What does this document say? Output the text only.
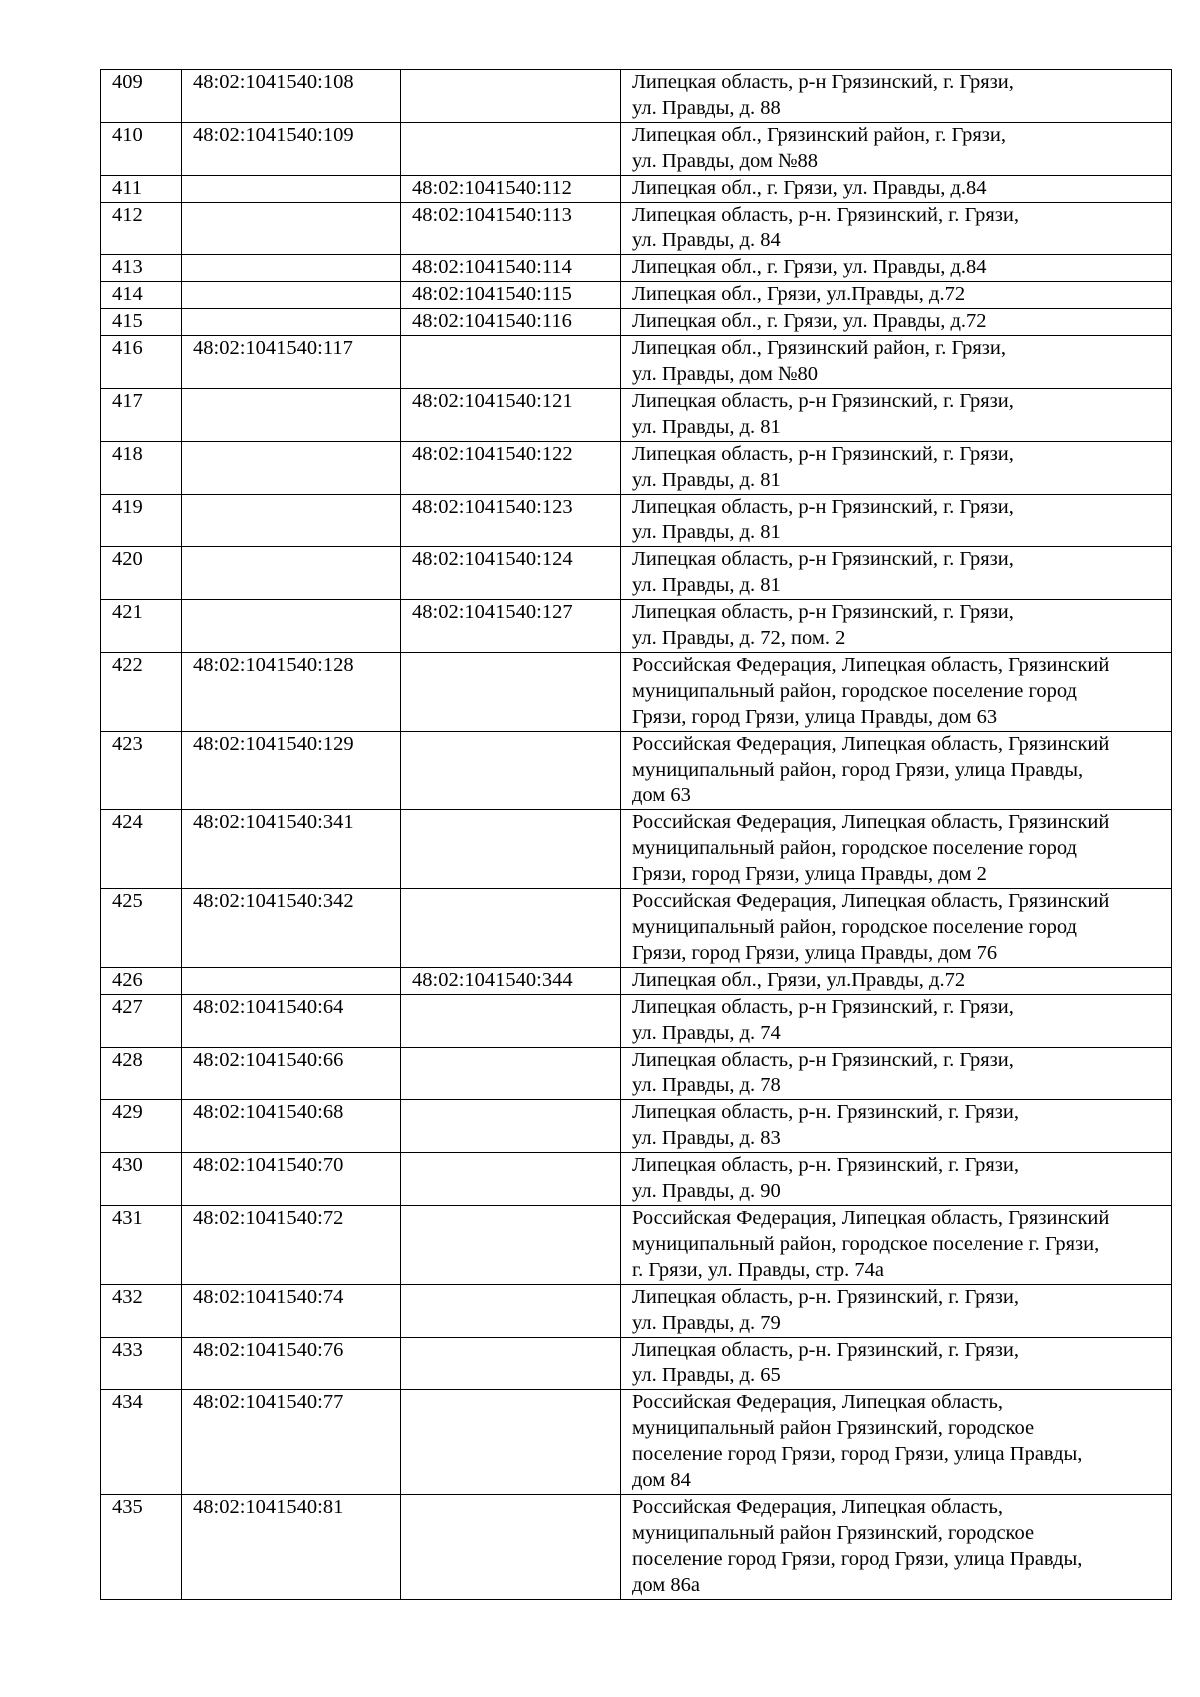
409	48:02:1041540:108		Липецкая область, р-н Грязинский, г. Грязи,
ул. Правды, д. 88
410	48:02:1041540:109		Липецкая обл., Грязинский район, г. Грязи,
ул. Правды, дом №88
411		48:02:1041540:112	Липецкая обл., г. Грязи, ул. Правды, д.84
412		48:02:1041540:113	Липецкая область, р-н. Грязинский, г. Грязи,
ул. Правды, д. 84
413		48:02:1041540:114	Липецкая обл., г. Грязи, ул. Правды, д.84
414		48:02:1041540:115	Липецкая обл., Грязи, ул.Правды, д.72
415		48:02:1041540:116	Липецкая обл., г. Грязи, ул. Правды, д.72
416	48:02:1041540:117		Липецкая обл., Грязинский район, г. Грязи,
ул. Правды, дом №80
417		48:02:1041540:121	Липецкая область, р-н Грязинский, г. Грязи,
ул. Правды, д. 81
418		48:02:1041540:122	Липецкая область, р-н Грязинский, г. Грязи,
ул. Правды, д. 81
419		48:02:1041540:123	Липецкая область, р-н Грязинский, г. Грязи,
ул. Правды, д. 81
420		48:02:1041540:124	Липецкая область, р-н Грязинский, г. Грязи,
ул. Правды, д. 81
421		48:02:1041540:127	Липецкая область, р-н Грязинский, г. Грязи,
ул. Правды, д. 72, пом. 2
422	48:02:1041540:128		Российская Федерация, Липецкая область, Грязинский
муниципальный район, городское поселение город
Грязи, город Грязи, улица Правды, дом 63
423	48:02:1041540:129		Российская Федерация, Липецкая область, Грязинский
муниципальный район, город Грязи, улица Правды,
дом 63
424	48:02:1041540:341		Российская Федерация, Липецкая область, Грязинский
муниципальный район, городское поселение город
Грязи, город Грязи, улица Правды, дом 2
425	48:02:1041540:342		Российская Федерация, Липецкая область, Грязинский
муниципальный район, городское поселение город
Грязи, город Грязи, улица Правды, дом 76
426		48:02:1041540:344	Липецкая обл., Грязи, ул.Правды, д.72
427	48:02:1041540:64		Липецкая область, р-н Грязинский, г. Грязи,
ул. Правды, д. 74
428	48:02:1041540:66		Липецкая область, р-н Грязинский, г. Грязи,
ул. Правды, д. 78
429	48:02:1041540:68		Липецкая область, р-н. Грязинский, г. Грязи,
ул. Правды, д. 83
430	48:02:1041540:70		Липецкая область, р-н. Грязинский, г. Грязи,
ул. Правды, д. 90
431	48:02:1041540:72		Российская Федерация, Липецкая область, Грязинский
муниципальный район, городское поселение г. Грязи,
г. Грязи, ул. Правды, стр. 74а
432	48:02:1041540:74		Липецкая область, р-н. Грязинский, г. Грязи,
ул. Правды, д. 79
433	48:02:1041540:76		Липецкая область, р-н. Грязинский, г. Грязи,
ул. Правды, д. 65
434	48:02:1041540:77		Российская Федерация, Липецкая область,
муниципальный район Грязинский, городское
поселение город Грязи, город Грязи, улица Правды,
дом 84
435	48:02:1041540:81		Российская Федерация, Липецкая область,
муниципальный район Грязинский, городское
поселение город Грязи, город Грязи, улица Правды,
дом 86а
